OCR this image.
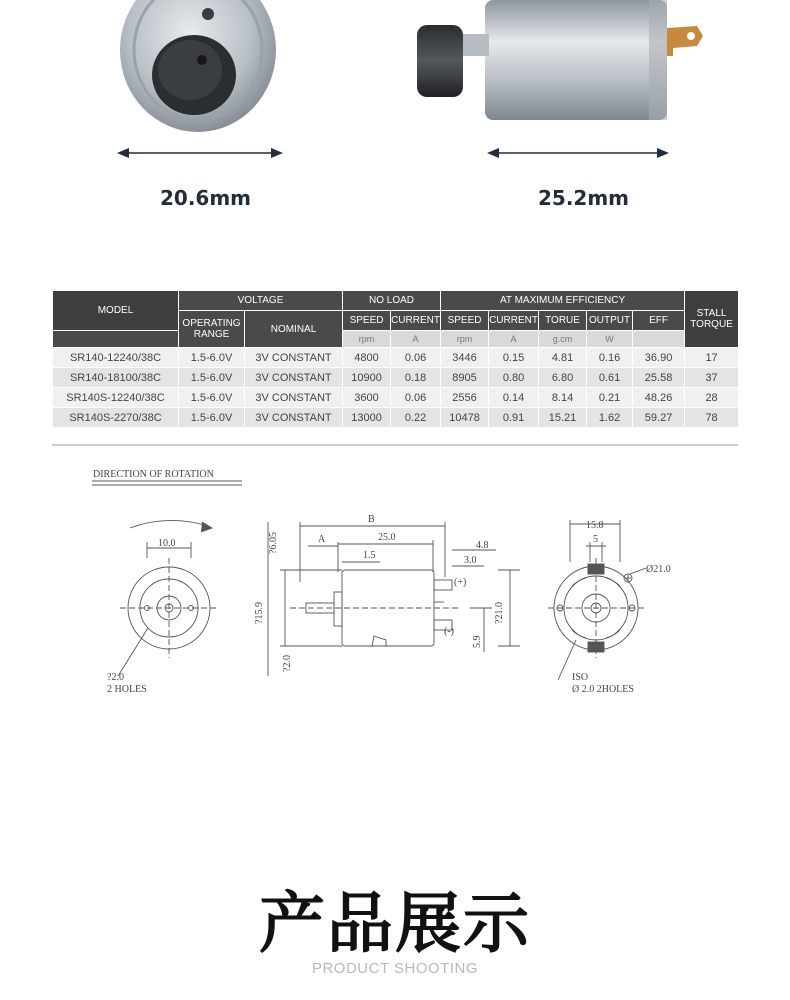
20.6mm	25.2mm
MODEL	VOLTAGE		NO LOAD		AT MAXIMUM EFFICIENCY					STALL
TORQUE
	OPERATING
RANGE	NOMINAL	SPEED	CURRENT	SPEED	CURRENT	TORUE	OUTPUT	EFF	
			rpm	A	rpm	A	g.cm	W		
SR140-12240/38C	1.5-6.0V	3V CONSTANT	4800	0.06	3446	0.15	4.81	0.16	36.90	17
SR140-18100/38C	1.5-6.0V	3V CONSTANT	10900	0.18	8905	0.80	6.80	0.61	25.58	37
SR140S-12240/38C	1.5-6.0V	3V CONSTANT	3600	0.06	2556	0.14	8.14	0.21	48.26	28
SR140S-2270/38C	1.5-6.0V	3V CONSTANT	13000	0.22	10478	0.91	15.21	1.62	59.27	78
DIRECTION OF ROTATION
10.0
?2.0
2 HOLES
B
A	25.0
1.5
4.8
3.0
(+)
(-)
?6.05
?15.9
?2.0
?21.0
5.9
15.8
5
Ø21.0
ISO
Ø 2.0 2HOLES
产品展示
PRODUCT SHOOTING
